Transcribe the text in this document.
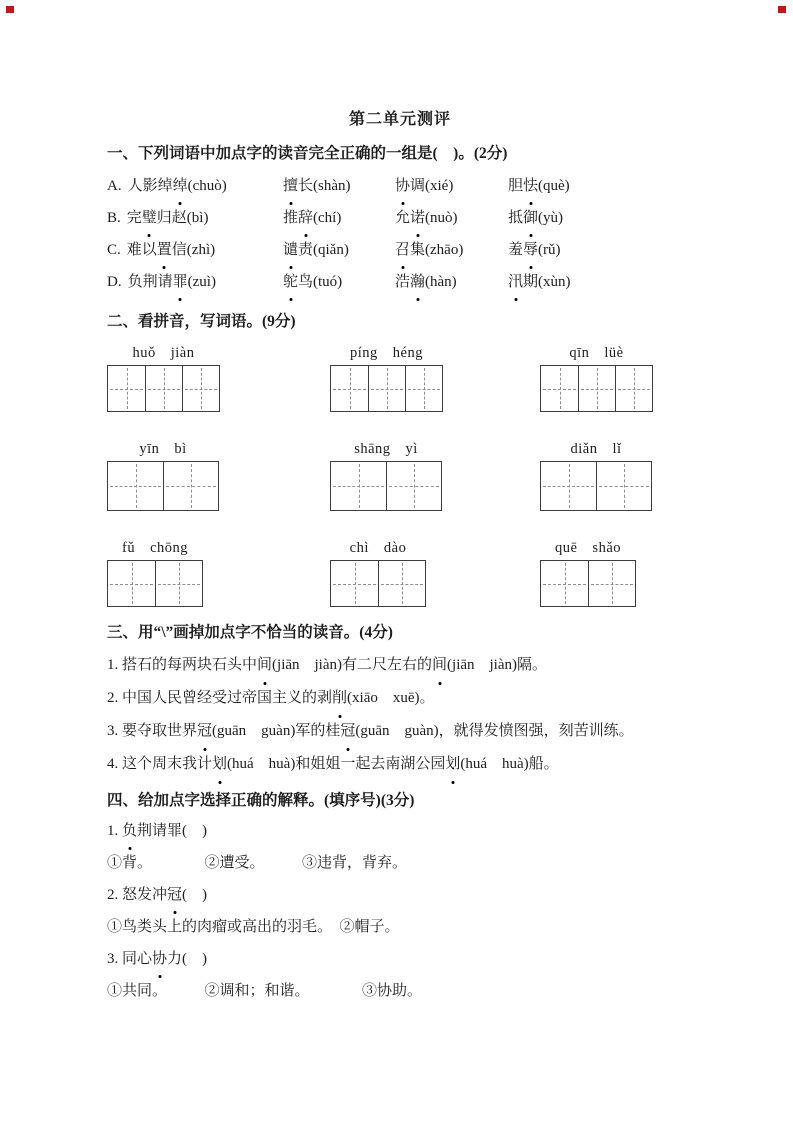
第二单元测评
一、下列词语中加点字的读音完全正确的一组是(　)。(2分)
A. 人影绰绰(chuò)	擅长(shàn)	协调(xié)	胆怯(què)
B. 完璧归赵(bì)	推辞(chí)	允诺(nuò)	抵御(yù)
C. 难以置信(zhì)	谴责(qiǎn)	召集(zhāo)	羞辱(rǔ)
D. 负荆请罪(zuì)	鸵鸟(tuó)	浩瀚(hàn)	汛期(xùn)
二、看拼音，写词语。(9分)
huǒ　jiàn	píng　héng	qīn　lüè
yīn　bì	shāng　yì	diǎn　lǐ
fǔ　chōng	chì　dào	quē　shǎo
三、用“\”画掉加点字不恰当的读音。(4分)
1. 搭石的每两块石头中间(jiān　jiàn)有二尺左右的间(jiān　jiàn)隔。
2. 中国人民曾经受过帝国主义的剥削(xiāo　xuē)。
3. 要夺取世界冠(guān　guàn)军的桂冠(guān　guàn)，就得发愤图强，刻苦训练。
4. 这个周末我计划(huá　huà)和姐姐一起去南湖公园划(huá　huà)船。
四、给加点字选择正确的解释。(填序号)(3分)
1. 负荆请罪(　)
①背。　　　　②遭受。　　　③违背，背弃。
2. 怒发冲冠(　)
①鸟类头上的肉瘤或高出的羽毛。　②帽子。
3. 同心协力(　)
①共同。　　　②调和；和谐。　　　　③协助。
